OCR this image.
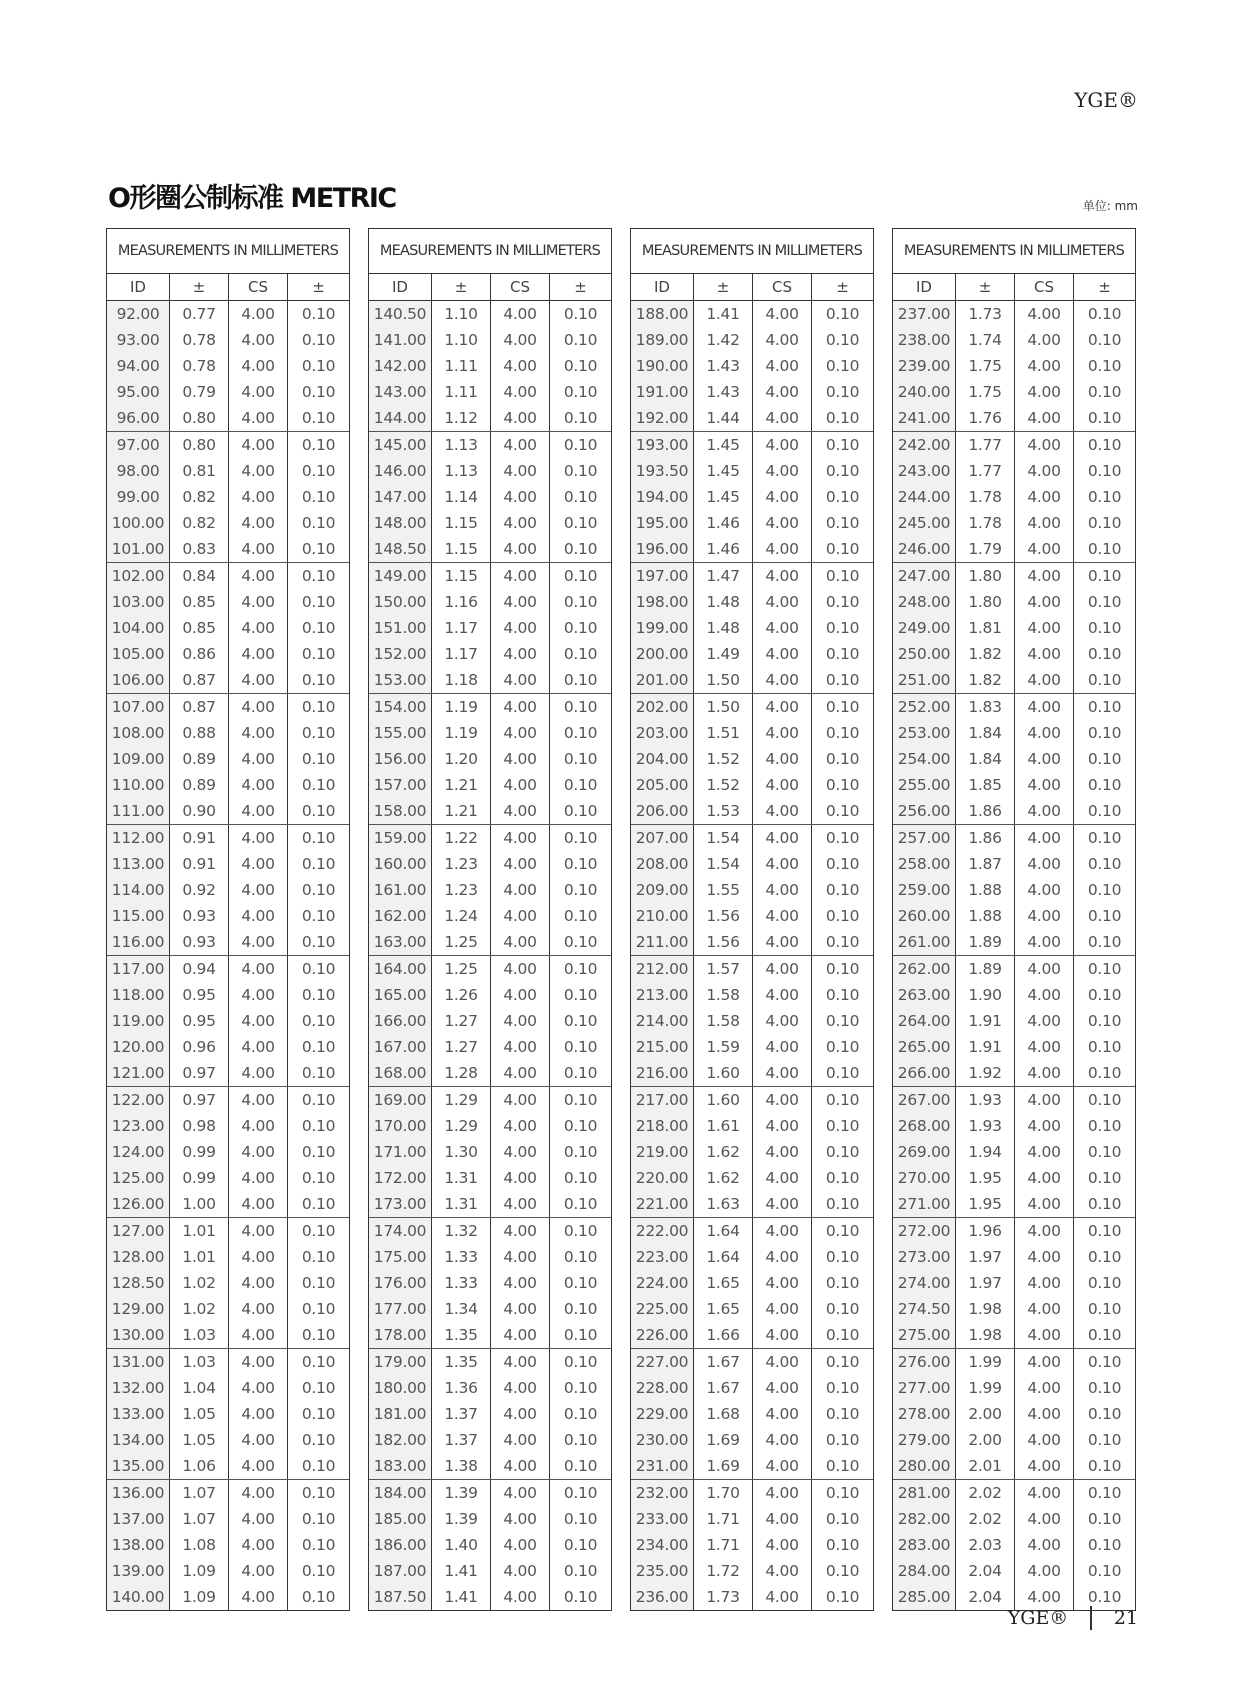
YGE®
O形圈公制标准 METRIC	单位: mm
MEASUREMENTS IN MILLIMETERS
ID	±	CS	±
92.00	0.77	4.00	0.10
93.00	0.78	4.00	0.10
94.00	0.78	4.00	0.10
95.00	0.79	4.00	0.10
96.00	0.80	4.00	0.10
97.00	0.80	4.00	0.10
98.00	0.81	4.00	0.10
99.00	0.82	4.00	0.10
100.00	0.82	4.00	0.10
101.00	0.83	4.00	0.10
102.00	0.84	4.00	0.10
103.00	0.85	4.00	0.10
104.00	0.85	4.00	0.10
105.00	0.86	4.00	0.10
106.00	0.87	4.00	0.10
107.00	0.87	4.00	0.10
108.00	0.88	4.00	0.10
109.00	0.89	4.00	0.10
110.00	0.89	4.00	0.10
111.00	0.90	4.00	0.10
112.00	0.91	4.00	0.10
113.00	0.91	4.00	0.10
114.00	0.92	4.00	0.10
115.00	0.93	4.00	0.10
116.00	0.93	4.00	0.10
117.00	0.94	4.00	0.10
118.00	0.95	4.00	0.10
119.00	0.95	4.00	0.10
120.00	0.96	4.00	0.10
121.00	0.97	4.00	0.10
122.00	0.97	4.00	0.10
123.00	0.98	4.00	0.10
124.00	0.99	4.00	0.10
125.00	0.99	4.00	0.10
126.00	1.00	4.00	0.10
127.00	1.01	4.00	0.10
128.00	1.01	4.00	0.10
128.50	1.02	4.00	0.10
129.00	1.02	4.00	0.10
130.00	1.03	4.00	0.10
131.00	1.03	4.00	0.10
132.00	1.04	4.00	0.10
133.00	1.05	4.00	0.10
134.00	1.05	4.00	0.10
135.00	1.06	4.00	0.10
136.00	1.07	4.00	0.10
137.00	1.07	4.00	0.10
138.00	1.08	4.00	0.10
139.00	1.09	4.00	0.10
140.00	1.09	4.00	0.10
MEASUREMENTS IN MILLIMETERS
ID	±	CS	±
140.50	1.10	4.00	0.10
141.00	1.10	4.00	0.10
142.00	1.11	4.00	0.10
143.00	1.11	4.00	0.10
144.00	1.12	4.00	0.10
145.00	1.13	4.00	0.10
146.00	1.13	4.00	0.10
147.00	1.14	4.00	0.10
148.00	1.15	4.00	0.10
148.50	1.15	4.00	0.10
149.00	1.15	4.00	0.10
150.00	1.16	4.00	0.10
151.00	1.17	4.00	0.10
152.00	1.17	4.00	0.10
153.00	1.18	4.00	0.10
154.00	1.19	4.00	0.10
155.00	1.19	4.00	0.10
156.00	1.20	4.00	0.10
157.00	1.21	4.00	0.10
158.00	1.21	4.00	0.10
159.00	1.22	4.00	0.10
160.00	1.23	4.00	0.10
161.00	1.23	4.00	0.10
162.00	1.24	4.00	0.10
163.00	1.25	4.00	0.10
164.00	1.25	4.00	0.10
165.00	1.26	4.00	0.10
166.00	1.27	4.00	0.10
167.00	1.27	4.00	0.10
168.00	1.28	4.00	0.10
169.00	1.29	4.00	0.10
170.00	1.29	4.00	0.10
171.00	1.30	4.00	0.10
172.00	1.31	4.00	0.10
173.00	1.31	4.00	0.10
174.00	1.32	4.00	0.10
175.00	1.33	4.00	0.10
176.00	1.33	4.00	0.10
177.00	1.34	4.00	0.10
178.00	1.35	4.00	0.10
179.00	1.35	4.00	0.10
180.00	1.36	4.00	0.10
181.00	1.37	4.00	0.10
182.00	1.37	4.00	0.10
183.00	1.38	4.00	0.10
184.00	1.39	4.00	0.10
185.00	1.39	4.00	0.10
186.00	1.40	4.00	0.10
187.00	1.41	4.00	0.10
187.50	1.41	4.00	0.10
MEASUREMENTS IN MILLIMETERS
ID	±	CS	±
188.00	1.41	4.00	0.10
189.00	1.42	4.00	0.10
190.00	1.43	4.00	0.10
191.00	1.43	4.00	0.10
192.00	1.44	4.00	0.10
193.00	1.45	4.00	0.10
193.50	1.45	4.00	0.10
194.00	1.45	4.00	0.10
195.00	1.46	4.00	0.10
196.00	1.46	4.00	0.10
197.00	1.47	4.00	0.10
198.00	1.48	4.00	0.10
199.00	1.48	4.00	0.10
200.00	1.49	4.00	0.10
201.00	1.50	4.00	0.10
202.00	1.50	4.00	0.10
203.00	1.51	4.00	0.10
204.00	1.52	4.00	0.10
205.00	1.52	4.00	0.10
206.00	1.53	4.00	0.10
207.00	1.54	4.00	0.10
208.00	1.54	4.00	0.10
209.00	1.55	4.00	0.10
210.00	1.56	4.00	0.10
211.00	1.56	4.00	0.10
212.00	1.57	4.00	0.10
213.00	1.58	4.00	0.10
214.00	1.58	4.00	0.10
215.00	1.59	4.00	0.10
216.00	1.60	4.00	0.10
217.00	1.60	4.00	0.10
218.00	1.61	4.00	0.10
219.00	1.62	4.00	0.10
220.00	1.62	4.00	0.10
221.00	1.63	4.00	0.10
222.00	1.64	4.00	0.10
223.00	1.64	4.00	0.10
224.00	1.65	4.00	0.10
225.00	1.65	4.00	0.10
226.00	1.66	4.00	0.10
227.00	1.67	4.00	0.10
228.00	1.67	4.00	0.10
229.00	1.68	4.00	0.10
230.00	1.69	4.00	0.10
231.00	1.69	4.00	0.10
232.00	1.70	4.00	0.10
233.00	1.71	4.00	0.10
234.00	1.71	4.00	0.10
235.00	1.72	4.00	0.10
236.00	1.73	4.00	0.10
MEASUREMENTS IN MILLIMETERS
ID	±	CS	±
237.00	1.73	4.00	0.10
238.00	1.74	4.00	0.10
239.00	1.75	4.00	0.10
240.00	1.75	4.00	0.10
241.00	1.76	4.00	0.10
242.00	1.77	4.00	0.10
243.00	1.77	4.00	0.10
244.00	1.78	4.00	0.10
245.00	1.78	4.00	0.10
246.00	1.79	4.00	0.10
247.00	1.80	4.00	0.10
248.00	1.80	4.00	0.10
249.00	1.81	4.00	0.10
250.00	1.82	4.00	0.10
251.00	1.82	4.00	0.10
252.00	1.83	4.00	0.10
253.00	1.84	4.00	0.10
254.00	1.84	4.00	0.10
255.00	1.85	4.00	0.10
256.00	1.86	4.00	0.10
257.00	1.86	4.00	0.10
258.00	1.87	4.00	0.10
259.00	1.88	4.00	0.10
260.00	1.88	4.00	0.10
261.00	1.89	4.00	0.10
262.00	1.89	4.00	0.10
263.00	1.90	4.00	0.10
264.00	1.91	4.00	0.10
265.00	1.91	4.00	0.10
266.00	1.92	4.00	0.10
267.00	1.93	4.00	0.10
268.00	1.93	4.00	0.10
269.00	1.94	4.00	0.10
270.00	1.95	4.00	0.10
271.00	1.95	4.00	0.10
272.00	1.96	4.00	0.10
273.00	1.97	4.00	0.10
274.00	1.97	4.00	0.10
274.50	1.98	4.00	0.10
275.00	1.98	4.00	0.10
276.00	1.99	4.00	0.10
277.00	1.99	4.00	0.10
278.00	2.00	4.00	0.10
279.00	2.00	4.00	0.10
280.00	2.01	4.00	0.10
281.00	2.02	4.00	0.10
282.00	2.02	4.00	0.10
283.00	2.03	4.00	0.10
284.00	2.04	4.00	0.10
285.00	2.04	4.00	0.10
YGE® 21
